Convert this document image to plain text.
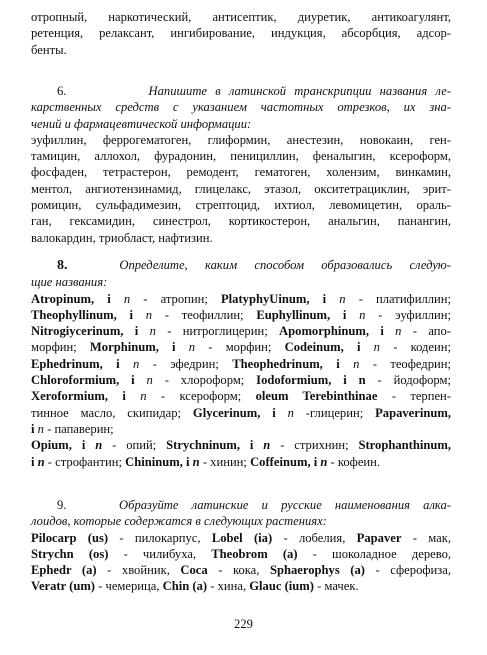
отропный, наркотический, антисептик, диуретик, антикоагулянт,
ретенция, релаксант, ингибирование, индукция, абсорбция, адсор-
бенты.
6.	Напишите в латинской транскрипции названия ле-
карственных средств с указанием частотных отрезков, их зна-
чений и фармацевтической информации:
эуфиллин, феррогематоген, глиформин, анестезин, новокаин, ген-
тамицин, аллохол, фурадонин, пенициллин, феналыгин, ксероформ,
фосфаден, тетрастерон, ремодент, гематоген, холензим, винкамин,
ментол, ангиотензинамид, глицелакс, этазол, окситетрациклин, эрит-
ромицин, сульфадимезин, стрептоцид, ихтиол, левомицетин, ораль-
ган, гексамидин, синестрол, кортикостерон, анальгин, панангин,
валокардин, триобласт, нафтизин.
8.	Определите, каким способом образовались следую-
щие названия:
Atropinum, i n - атропин; PlatyphyUinum, i n - платифиллин;
Theophyllinum, i n - теофиллин; Euphyllinum, i n - эуфиллин;
Nitrogiycerinum, i n - нитроглицерин; Apomorphinum, i n - апо-
морфин; Morphinum, i n - морфин; Codeinum, i n - кодеин;
Ephedrinum, i n - эфедрин; Theophedrinum, i n - теофедрин;
Chloroformium, i n - хлороформ; Iodoformium, i n - йодоформ;
Xeroformium, i n - ксероформ; oleum Terebinthinae - терпен-
тинное масло, скипидар; Glycerinum, i n -глицерин; Papaverinum,
i n - папаверин;
Opium, i n - опий; Strychninum, i n - стрихнин; Strophanthinum,
i n - строфантин; Chininum, i n - хинин; Coffeinum, i n - кофеин.
9.	Образуйте латинские и русские наименования алка-
лоидов, которые содержатся в следующих растениях:
Pilocarp (us) - пилокарпус, Lobel (ia) - лобелия, Papaver - мак,
Strychn (os) - чилибуха, Theobrom (a) - шоколадное дерево,
Ephedr (a) - хвойник, Coca - кока, Sphaerophys (a) - сферофиза,
Veratr (um) - чемерица, Chin (a) - хина, Glauc (ium) - мачек.
229
